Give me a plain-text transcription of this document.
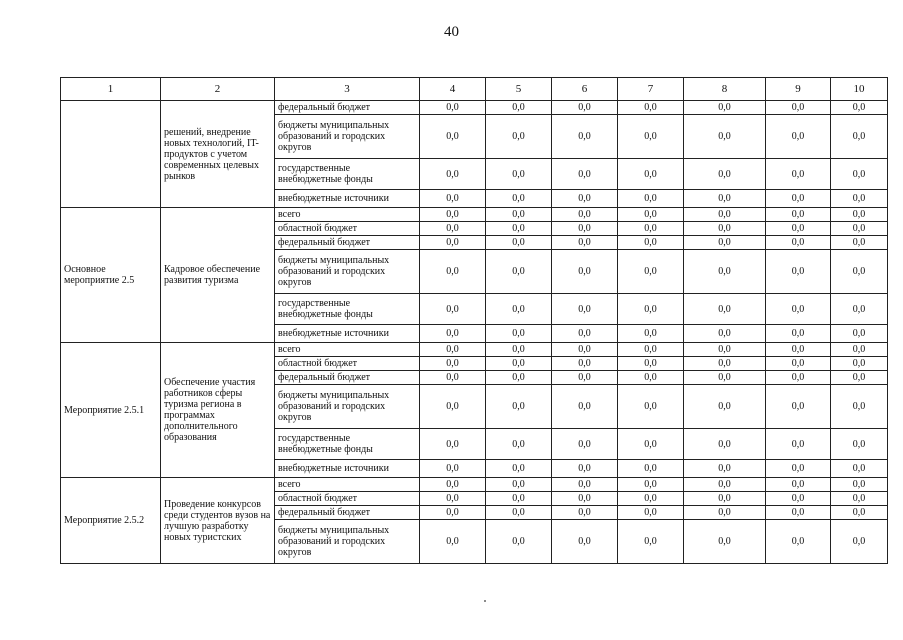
40
1	2	3	4	5	6	7	8	9	10
	решений, внедрение новых технологий, IT-продуктов с учетом современных целевых рынков	федеральный бюджет	0,0	0,0	0,0	0,0	0,0	0,0	0,0
		бюджеты муниципальных образований и городских округов	0,0	0,0	0,0	0,0	0,0	0,0	0,0
		государственные внебюджетные фонды	0,0	0,0	0,0	0,0	0,0	0,0	0,0
		внебюджетные источники	0,0	0,0	0,0	0,0	0,0	0,0	0,0
Основное мероприятие 2.5	Кадровое обеспечение развития туризма	всего	0,0	0,0	0,0	0,0	0,0	0,0	0,0
		областной бюджет	0,0	0,0	0,0	0,0	0,0	0,0	0,0
		федеральный бюджет	0,0	0,0	0,0	0,0	0,0	0,0	0,0
		бюджеты муниципальных образований и городских округов	0,0	0,0	0,0	0,0	0,0	0,0	0,0
		государственные внебюджетные фонды	0,0	0,0	0,0	0,0	0,0	0,0	0,0
		внебюджетные источники	0,0	0,0	0,0	0,0	0,0	0,0	0,0
Мероприятие 2.5.1	Обеспечение участия работников сферы туризма региона в программах дополнительного образования	всего	0,0	0,0	0,0	0,0	0,0	0,0	0,0
		областной бюджет	0,0	0,0	0,0	0,0	0,0	0,0	0,0
		федеральный бюджет	0,0	0,0	0,0	0,0	0,0	0,0	0,0
		бюджеты муниципальных образований и городских округов	0,0	0,0	0,0	0,0	0,0	0,0	0,0
		государственные внебюджетные фонды	0,0	0,0	0,0	0,0	0,0	0,0	0,0
		внебюджетные источники	0,0	0,0	0,0	0,0	0,0	0,0	0,0
Мероприятие 2.5.2	Проведение конкурсов среди студентов вузов на лучшую разработку новых туристских	всего	0,0	0,0	0,0	0,0	0,0	0,0	0,0
		областной бюджет	0,0	0,0	0,0	0,0	0,0	0,0	0,0
		федеральный бюджет	0,0	0,0	0,0	0,0	0,0	0,0	0,0
		бюджеты муниципальных образований и городских округов	0,0	0,0	0,0	0,0	0,0	0,0	0,0
